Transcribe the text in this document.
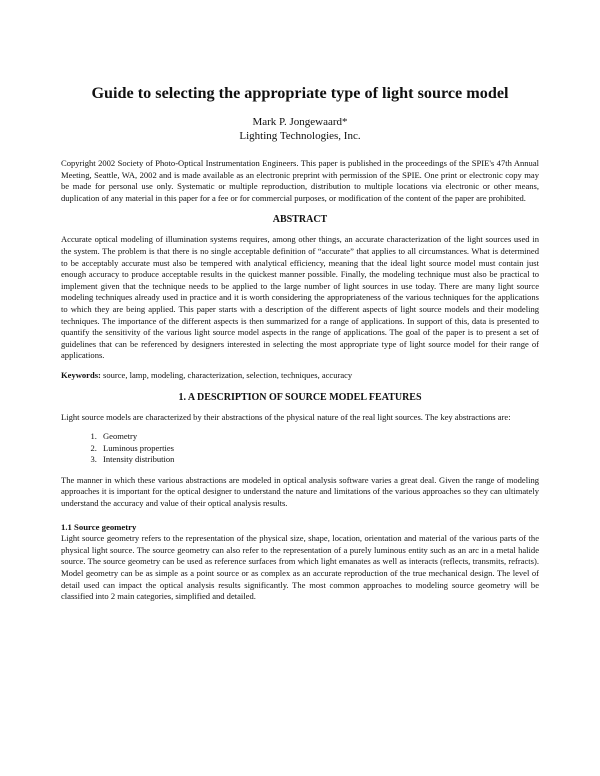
Guide to selecting the appropriate type of light source model

Mark P. Jongewaard*

Lighting Technologies, Inc.

Copyright 2002 Society of Photo-Optical Instrumentation Engineers. This paper is published in the proceedings of the SPIE's 47th Annual Meeting, Seattle, WA, 2002 and is made available as an electronic preprint with permission of the SPIE. One print or electronic copy may be made for personal use only. Systematic or multiple reproduction, distribution to multiple locations via electronic or other means, duplication of any material in this paper for a fee or for commercial purposes, or modification of the content of the paper are prohibited.

ABSTRACT

Accurate optical modeling of illumination systems requires, among other things, an accurate characterization of the light sources used in the system. The problem is that there is no single acceptable definition of “accurate” that applies to all circumstances. What is determined to be acceptably accurate must also be tempered with analytical efficiency, meaning that the ideal light source model must contain just enough accuracy to produce acceptable results in the quickest manner possible. Finally, the modeling technique must also be practical to implement given that the technique needs to be applied to the large number of light sources in use today. There are many light source modeling techniques already used in practice and it is worth considering the appropriateness of the various techniques for the applications to which they are being applied. This paper starts with a description of the different aspects of light source models and their modeling techniques. The importance of the different aspects is then summarized for a range of applications. In support of this, data is presented to quantify the sensitivity of the various light source model aspects in the range of applications. The goal of the paper is to present a set of guidelines that can be referenced by designers interested in selecting the most appropriate type of light source model for their range of applications.

Keywords: source, lamp, modeling, characterization, selection, techniques, accuracy

1. A DESCRIPTION OF SOURCE MODEL FEATURES

Light source models are characterized by their abstractions of the physical nature of the real light sources. The key abstractions are:

1. Geometry
2. Luminous properties
3. Intensity distribution

The manner in which these various abstractions are modeled in optical analysis software varies a great deal. Given the range of modeling approaches it is important for the optical designer to understand the nature and limitations of the various approaches so they can ultimately understand the accuracy and value of their optical analysis results.

1.1 Source geometry

Light source geometry refers to the representation of the physical size, shape, location, orientation and material of the various parts of the physical light source. The source geometry can also refer to the representation of a purely luminous entity such as an arc in a metal halide source. The source geometry can be used as reference surfaces from which light emanates as well as interacts (reflects, transmits, refracts). Model geometry can be as simple as a point source or as complex as an accurate reproduction of the true mechanical design. The level of detail used can impact the optical analysis results significantly. The most common approaches to modeling source geometry will be classified into 2 main categories, simplified and detailed.
